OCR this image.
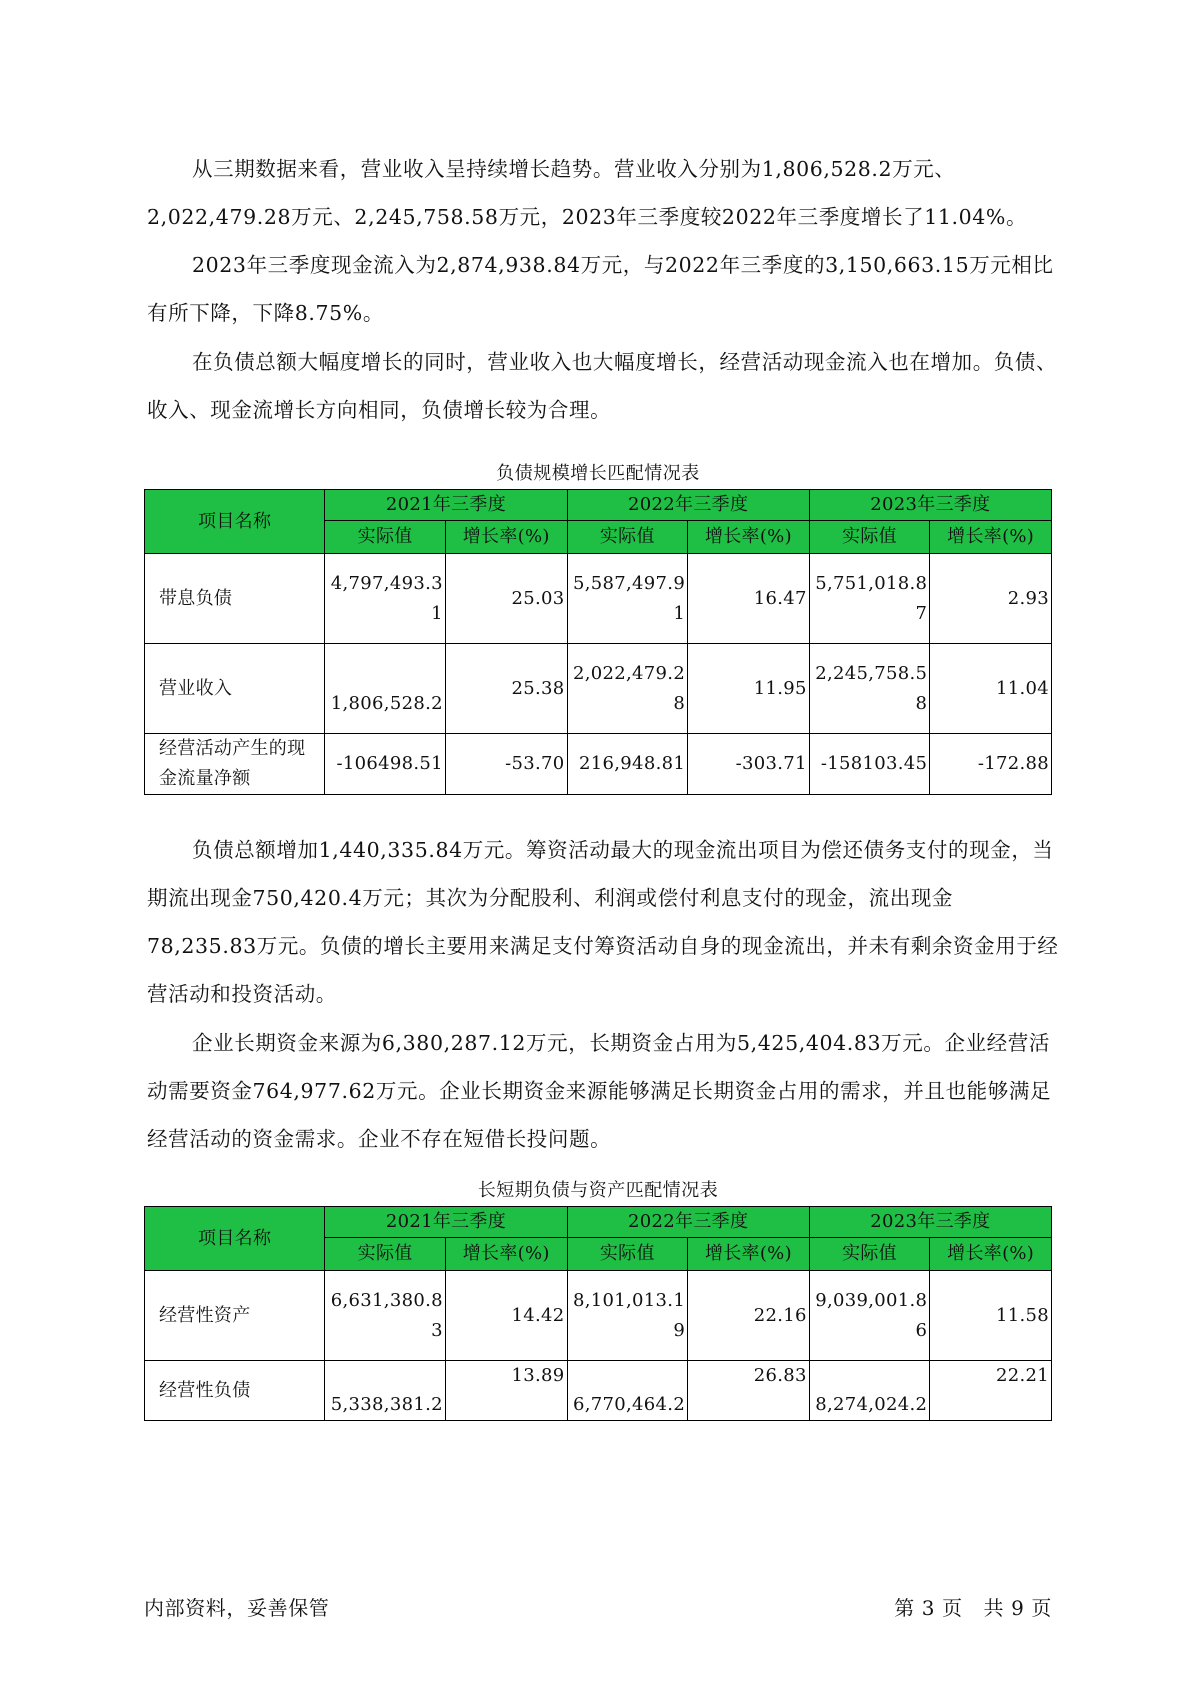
从三期数据来看，营业收入呈持续增长趋势。营业收入分别为1,806,528.2万元、2,022,479.28万元、2,245,758.58万元，2023年三季度较2022年三季度增长了11.04%。

2023年三季度现金流入为2,874,938.84万元，与2022年三季度的3,150,663.15万元相比有所下降，下降8.75%。

在负债总额大幅度增长的同时，营业收入也大幅度增长，经营活动现金流入也在增加。负债、收入、现金流增长方向相同，负债增长较为合理。

负债规模增长匹配情况表
项目名称	2021年三季度		2022年三季度		2023年三季度	
	实际值	增长率(%)	实际值	增长率(%)	实际值	增长率(%)
带息负债	4,797,493.31	25.03	5,587,497.91	16.47	5,751,018.87	2.93
营业收入	1,806,528.2	25.38	2,022,479.28	11.95	2,245,758.58	11.04
经营活动产生的现金流量净额	-106498.51	-53.70	216,948.81	-303.71	-158103.45	-172.88

负债总额增加1,440,335.84万元。筹资活动最大的现金流出项目为偿还债务支付的现金，当期流出现金750,420.4万元；其次为分配股利、利润或偿付利息支付的现金，流出现金78,235.83万元。负债的增长主要用来满足支付筹资活动自身的现金流出，并未有剩余资金用于经营活动和投资活动。

企业长期资金来源为6,380,287.12万元，长期资金占用为5,425,404.83万元。企业经营活动需要资金764,977.62万元。企业长期资金来源能够满足长期资金占用的需求，并且也能够满足经营活动的资金需求。企业不存在短借长投问题。

长短期负债与资产匹配情况表
项目名称	2021年三季度		2022年三季度		2023年三季度	
	实际值	增长率(%)	实际值	增长率(%)	实际值	增长率(%)
经营性资产	6,631,380.83	14.42	8,101,013.19	22.16	9,039,001.86	11.58
经营性负债	5,338,381.2	13.89	6,770,464.2	26.83	8,274,024.2	22.21
内部资料，妥善保管	第 3 页   共 9 页
